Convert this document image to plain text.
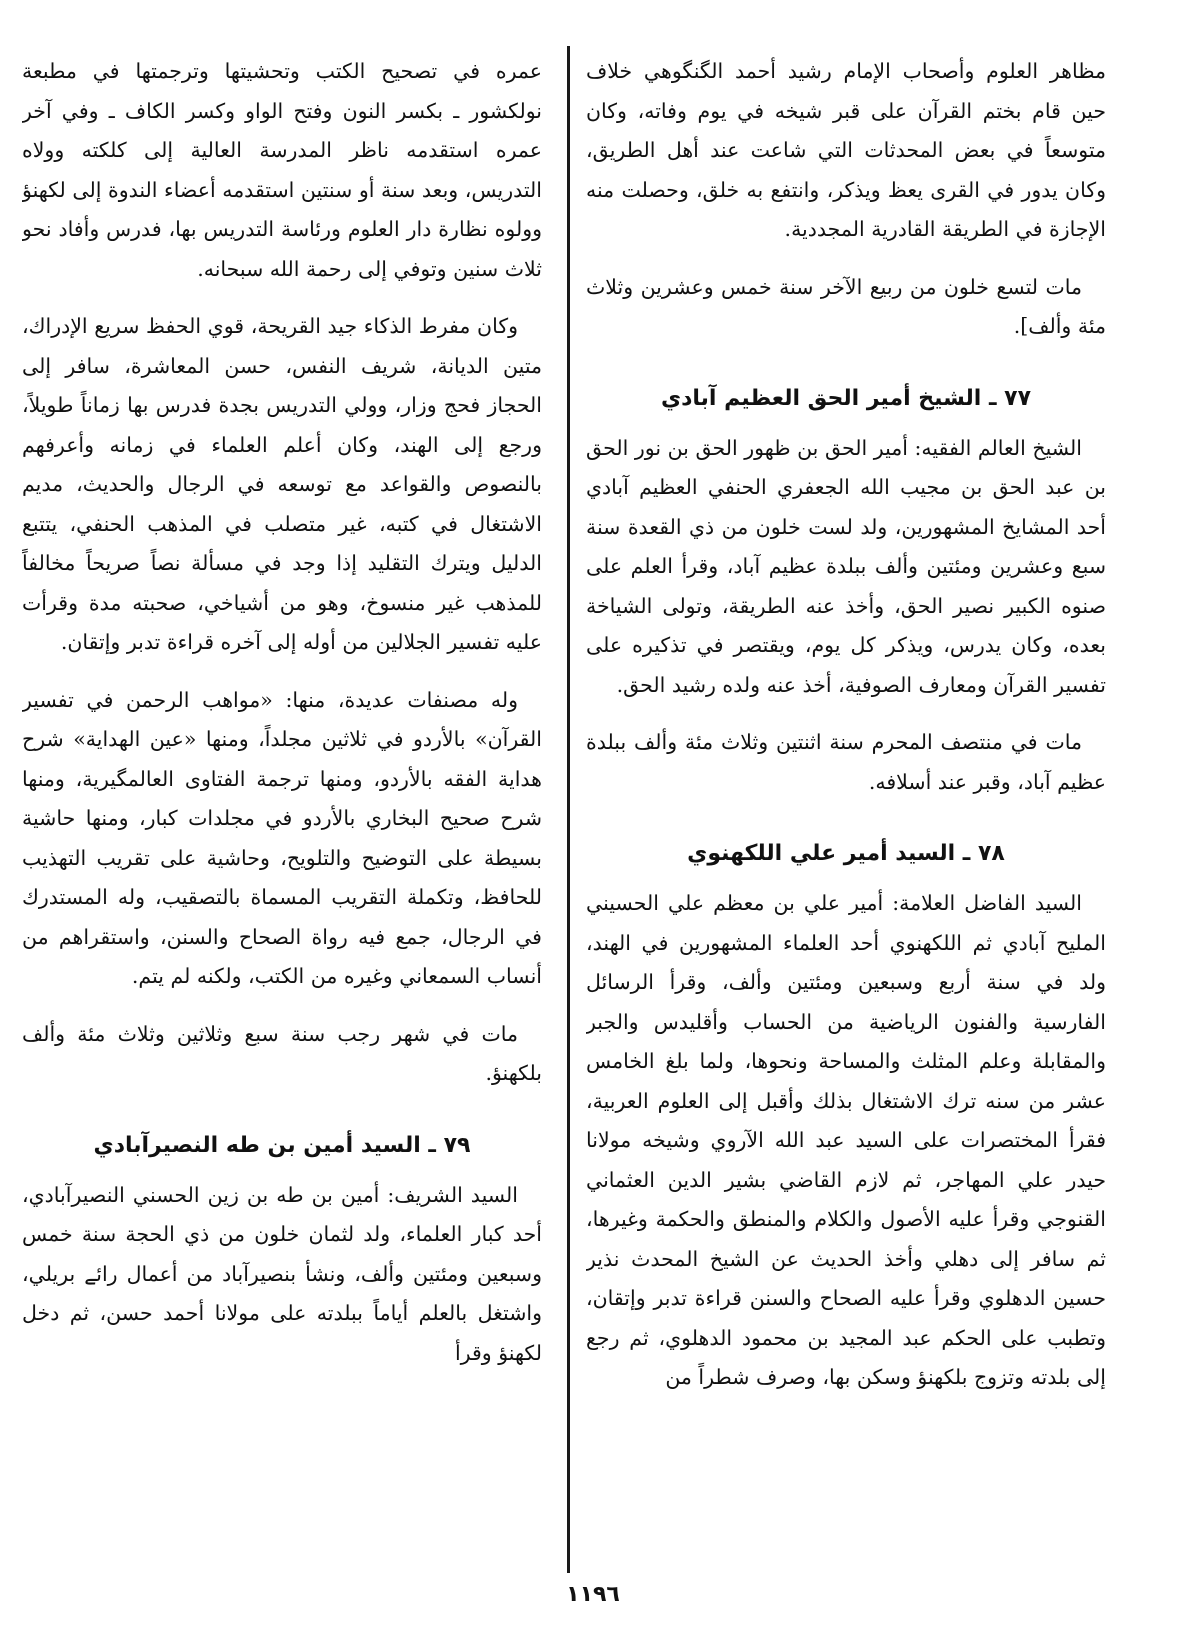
مظاهر العلوم وأصحاب الإمام رشيد أحمد الگنگوهي خلاف حين قام بختم القرآن على قبر شيخه في يوم وفاته، وكان متوسعاً في بعض المحدثات التي شاعت عند أهل الطريق، وكان يدور في القرى يعظ ويذكر، وانتفع به خلق، وحصلت منه الإجازة في الطريقة القادرية المجددية.

مات لتسع خلون من ربيع الآخر سنة خمس وعشرين وثلاث مئة وألف].

٧٧ ـ الشيخ أمير الحق العظيم آبادي

الشيخ العالم الفقيه: أمير الحق بن ظهور الحق بن نور الحق بن عبد الحق بن مجيب الله الجعفري الحنفي العظيم آبادي أحد المشايخ المشهورين، ولد لست خلون من ذي القعدة سنة سبع وعشرين ومئتين وألف ببلدة عظيم آباد، وقرأ العلم على صنوه الكبير نصير الحق، وأخذ عنه الطريقة، وتولى الشياخة بعده، وكان يدرس، ويذكر كل يوم، ويقتصر في تذكيره على تفسير القرآن ومعارف الصوفية، أخذ عنه ولده رشيد الحق.

مات في منتصف المحرم سنة اثنتين وثلاث مئة وألف ببلدة عظيم آباد، وقبر عند أسلافه.

٧٨ ـ السيد أمير علي اللكهنوي

السيد الفاضل العلامة: أمير علي بن معظم علي الحسيني المليح آبادي ثم اللكهنوي أحد العلماء المشهورين في الهند، ولد في سنة أربع وسبعين ومئتين وألف، وقرأ الرسائل الفارسية والفنون الرياضية من الحساب وأقليدس والجبر والمقابلة وعلم المثلث والمساحة ونحوها، ولما بلغ الخامس عشر من سنه ترك الاشتغال بذلك وأقبل إلى العلوم العربية، فقرأ المختصرات على السيد عبد الله الآروي وشيخه مولانا حيدر علي المهاجر، ثم لازم القاضي بشير الدين العثماني القنوجي وقرأ عليه الأصول والكلام والمنطق والحكمة وغيرها، ثم سافر إلى دهلي وأخذ الحديث عن الشيخ المحدث نذير حسين الدهلوي وقرأ عليه الصحاح والسنن قراءة تدبر وإتقان، وتطبب على الحكم عبد المجيد بن محمود الدهلوي، ثم رجع إلى بلدته وتزوج بلكهنؤ وسكن بها، وصرف شطراً من

عمره في تصحيح الكتب وتحشيتها وترجمتها في مطبعة نولكشور ـ بكسر النون وفتح الواو وكسر الكاف ـ وفي آخر عمره استقدمه ناظر المدرسة العالية إلى كلكته وولاه التدريس، وبعد سنة أو سنتين استقدمه أعضاء الندوة إلى لكهنؤ وولوه نظارة دار العلوم ورئاسة التدريس بها، فدرس وأفاد نحو ثلاث سنين وتوفي إلى رحمة الله سبحانه.

وكان مفرط الذكاء جيد القريحة، قوي الحفظ سريع الإدراك، متين الديانة، شريف النفس، حسن المعاشرة، سافر إلى الحجاز فحج وزار، وولي التدريس بجدة فدرس بها زماناً طويلاً، ورجع إلى الهند، وكان أعلم العلماء في زمانه وأعرفهم بالنصوص والقواعد مع توسعه في الرجال والحديث، مديم الاشتغال في كتبه، غير متصلب في المذهب الحنفي، يتتبع الدليل ويترك التقليد إذا وجد في مسألة نصاً صريحاً مخالفاً للمذهب غير منسوخ، وهو من أشياخي، صحبته مدة وقرأت عليه تفسير الجلالين من أوله إلى آخره قراءة تدبر وإتقان.

وله مصنفات عديدة، منها: «مواهب الرحمن في تفسير القرآن» بالأردو في ثلاثين مجلداً، ومنها «عين الهداية» شرح هداية الفقه بالأردو، ومنها ترجمة الفتاوى العالمگيرية، ومنها شرح صحيح البخاري بالأردو في مجلدات كبار، ومنها حاشية بسيطة على التوضيح والتلويح، وحاشية على تقريب التهذيب للحافظ، وتكملة التقريب المسماة بالتصقيب، وله المستدرك في الرجال، جمع فيه رواة الصحاح والسنن، واستقراهم من أنساب السمعاني وغيره من الكتب، ولكنه لم يتم.

مات في شهر رجب سنة سبع وثلاثين وثلاث مئة وألف بلكهنؤ.

٧٩ ـ السيد أمين بن طه النصيرآبادي

السيد الشريف: أمين بن طه بن زين الحسني النصيرآبادي، أحد كبار العلماء، ولد لثمان خلون من ذي الحجة سنة خمس وسبعين ومئتين وألف، ونشأ بنصيرآباد من أعمال رائے بريلي، واشتغل بالعلم أياماً ببلدته على مولانا أحمد حسن، ثم دخل لكهنؤ وقرأ

١١٩٦
